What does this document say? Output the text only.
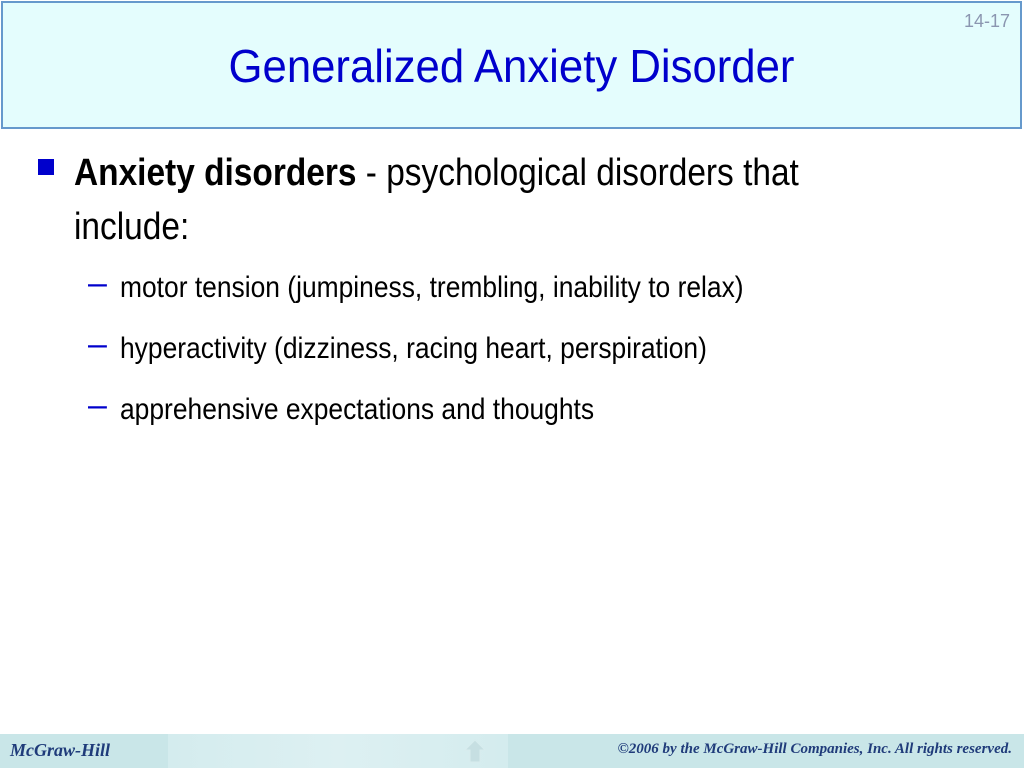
14-17
Generalized Anxiety Disorder
Anxiety disorders - psychological disorders that
include:
– motor tension (jumpiness, trembling, inability to relax)
– hyperactivity (dizziness, racing heart, perspiration)
– apprehensive expectations and thoughts
McGraw-Hill	©2006 by the McGraw-Hill Companies, Inc. All rights reserved.
